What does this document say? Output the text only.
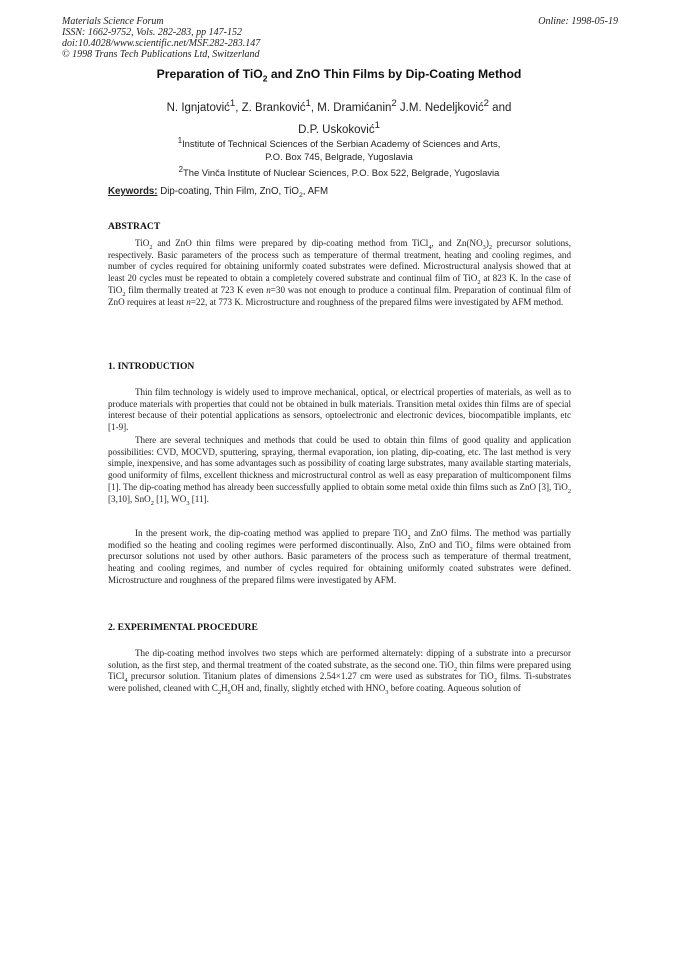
Materials Science Forum
ISSN: 1662-9752, Vols. 282-283, pp 147-152
doi:10.4028/www.scientific.net/MSF.282-283.147
© 1998 Trans Tech Publications Ltd, Switzerland
Online: 1998-05-19
Preparation of TiO$_2$ and ZnO Thin Films by Dip-Coating Method
N. Ignjatović$^1$, Z. Branković$^1$, M. Dramićanin$^2$ J.M. Nedeljković$^2$ and
D.P. Uskoković$^1$
$^1$Institute of Technical Sciences of the Serbian Academy of Sciences and Arts,
P.O. Box 745, Belgrade, Yugoslavia
$^2$The Vinča Institute of Nuclear Sciences, P.O. Box 522, Belgrade, Yugoslavia
Keywords: Dip-coating, Thin Film, ZnO, TiO$_2$, AFM
ABSTRACT

TiO$_2$ and ZnO thin films were prepared by dip-coating method from TiCl$_4$, and $Zn(NO_3)_2$ precursor solutions, respectively. Basic parameters of the process such as temperature of thermal treatment, heating and cooling regimes, and number of cycles required for obtaining uniformly coated substrates were defined. Microstructural analysis showed that at least 20 cycles must be repeated to obtain a completely covered substrate and continual film of TiO$_2$ at 823 K. In the case of TiO$_2$ film thermally treated at 723 K even n=30 was not enough to produce a continual film. Preparation of continual film of ZnO requires at least n=22, at 773 K. Microstructure and roughness of the prepared films were investigated by AFM method.

1. INTRODUCTION

Thin film technology is widely used to improve mechanical, optical, or electrical properties of materials, as well as to produce materials with properties that could not be obtained in bulk materials. Transition metal oxides thin films are of special interest because of their potential applications as sensors, optoelectronic and electronic devices, biocompatible implants, etc [1-9].

There are several techniques and methods that could be used to obtain thin films of good quality and application possibilities: CVD, MOCVD, sputtering, spraying, thermal evaporation, ion plating, dip-coating, etc. The last method is very simple, inexpensive, and has some advantages such as possibility of coating large substrates, many available starting materials, good uniformity of films, excellent thickness and microstructural control as well as easy preparation of multicomponent films [1]. The dip-coating method has already been successfully applied to obtain some metal oxide thin films such as ZnO [3], TiO$_2$ [3,10], SnO$_2$ [1], $WO_3$ [11].

In the present work, the dip-coating method was applied to prepare TiO$_2$ and ZnO films. The method was partially modified so the heating and cooling regimes were performed discontinually. Also, ZnO and TiO$_2$ films were obtained from precursor solutions not used by other authors. Basic parameters of the process such as temperature of thermal treatment, heating and cooling regimes, and number of cycles required for obtaining uniformly coated substrates were defined. Microstructure and roughness of the prepared films were investigated by AFM.

2. EXPERIMENTAL PROCEDURE

The dip-coating method involves two steps which are performed alternately: dipping of a substrate into a precursor solution, as the first step, and thermal treatment of the coated substrate, as the second one. TiO$_2$ thin films were prepared using TiCl$_4$ precursor solution. Titanium plates of dimensions 2.54×1.27 cm were used as substrates for TiO$_2$ films. Ti-substrates were polished, cleaned with $C_2H_5OH$ and, finally, slightly etched with $HNO_3$ before coating. Aqueous solution of
